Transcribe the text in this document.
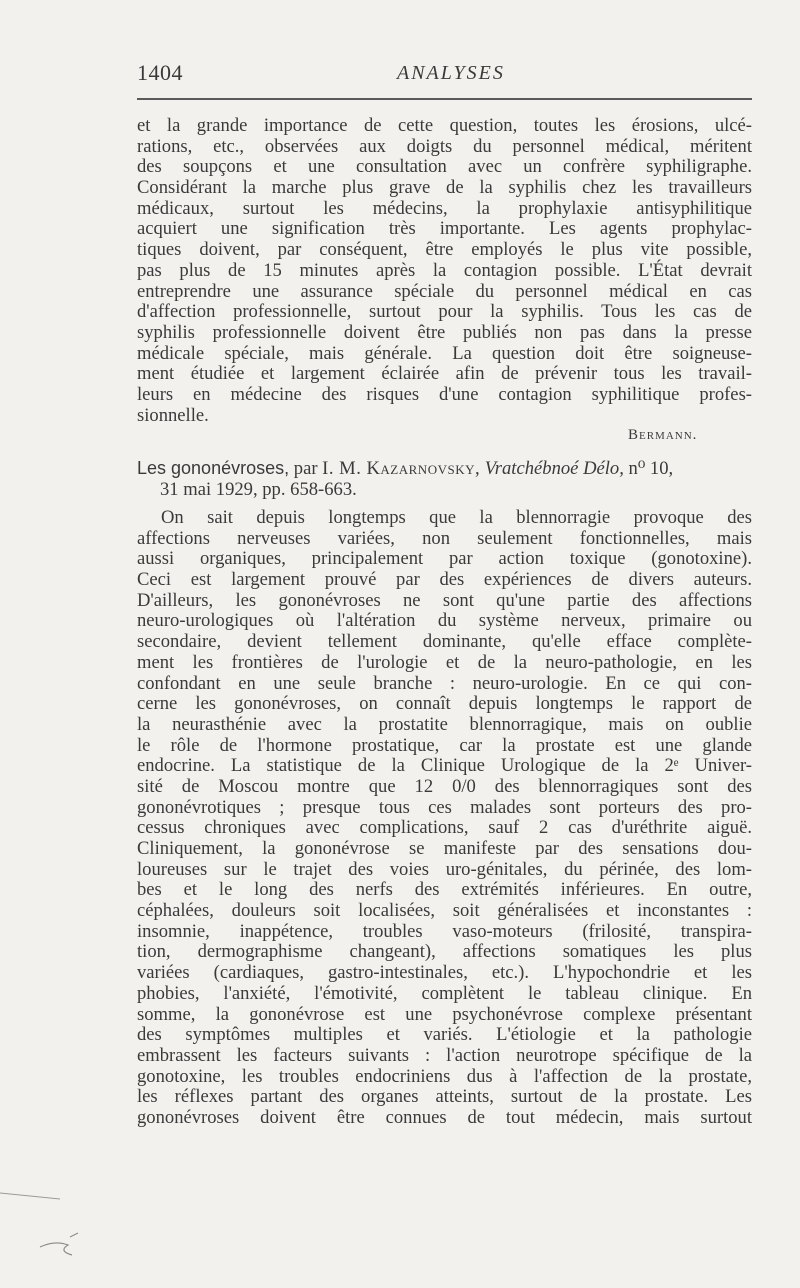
1404	ANALYSES
et la grande importance de cette question, toutes les érosions, ulcé-
rations, etc., observées aux doigts du personnel médical, méritent
des soupçons et une consultation avec un confrère syphiligraphe.
Considérant la marche plus grave de la syphilis chez les travailleurs
médicaux, surtout les médecins, la prophylaxie antisyphilitique
acquiert une signification très importante. Les agents prophylac-
tiques doivent, par conséquent, être employés le plus vite possible,
pas plus de 15 minutes après la contagion possible. L'État devrait
entreprendre une assurance spéciale du personnel médical en cas
d'affection professionnelle, surtout pour la syphilis. Tous les cas de
syphilis professionnelle doivent être publiés non pas dans la presse
médicale spéciale, mais générale. La question doit être soigneuse-
ment étudiée et largement éclairée afin de prévenir tous les travail-
leurs en médecine des risques d'une contagion syphilitique profes-
sionnelle.
Bermann.
Les gononévroses, par I. M. Kazarnovsky, Vratchébnoé Délo, n⁰ 10,
31 mai 1929, pp. 658-663.
On sait depuis longtemps que la blennorragie provoque des
affections nerveuses variées, non seulement fonctionnelles, mais
aussi organiques, principalement par action toxique (gonotoxine).
Ceci est largement prouvé par des expériences de divers auteurs.
D'ailleurs, les gononévroses ne sont qu'une partie des affections
neuro-urologiques où l'altération du système nerveux, primaire ou
secondaire, devient tellement dominante, qu'elle efface complète-
ment les frontières de l'urologie et de la neuro-pathologie, en les
confondant en une seule branche : neuro-urologie. En ce qui con-
cerne les gononévroses, on connaît depuis longtemps le rapport de
la neurasthénie avec la prostatite blennorragique, mais on oublie
le rôle de l'hormone prostatique, car la prostate est une glande
endocrine. La statistique de la Clinique Urologique de la 2ᵉ Univer-
sité de Moscou montre que 12 0/0 des blennorragiques sont des
gononévrotiques ; presque tous ces malades sont porteurs des pro-
cessus chroniques avec complications, sauf 2 cas d'uréthrite aiguë.
Cliniquement, la gononévrose se manifeste par des sensations dou-
loureuses sur le trajet des voies uro-génitales, du périnée, des lom-
bes et le long des nerfs des extrémités inférieures. En outre,
céphalées, douleurs soit localisées, soit généralisées et inconstantes :
insomnie, inappétence, troubles vaso-moteurs (frilosité, transpira-
tion, dermographisme changeant), affections somatiques les plus
variées (cardiaques, gastro-intestinales, etc.). L'hypochondrie et les
phobies, l'anxiété, l'émotivité, complètent le tableau clinique. En
somme, la gononévrose est une psychonévrose complexe présentant
des symptômes multiples et variés. L'étiologie et la pathologie
embrassent les facteurs suivants : l'action neurotrope spécifique de la
gonotoxine, les troubles endocriniens dus à l'affection de la prostate,
les réflexes partant des organes atteints, surtout de la prostate. Les
gononévroses doivent être connues de tout médecin, mais surtout
